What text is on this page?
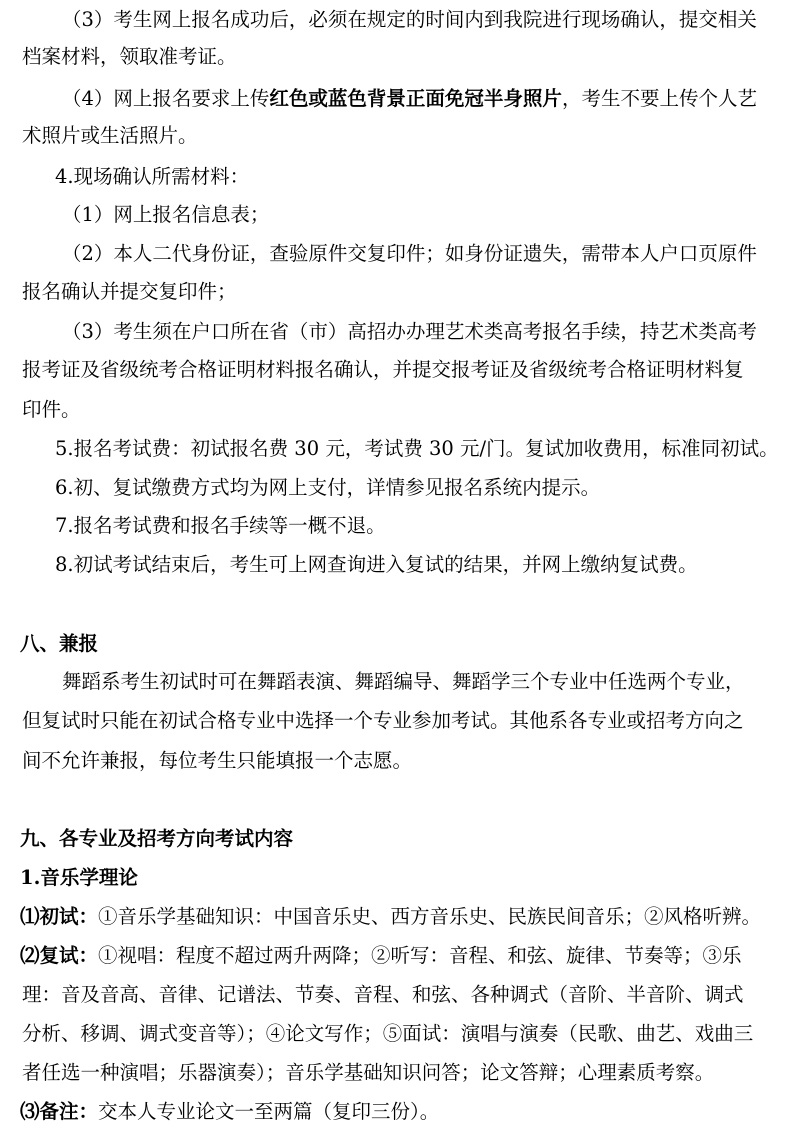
（3）考生网上报名成功后，必须在规定的时间内到我院进行现场确认，提交相关
档案材料，领取准考证。
（4）网上报名要求上传红色或蓝色背景正面免冠半身照片，考生不要上传个人艺
术照片或生活照片。
4.现场确认所需材料：
（1）网上报名信息表；
（2）本人二代身份证，查验原件交复印件；如身份证遗失，需带本人户口页原件
报名确认并提交复印件；
（3）考生须在户口所在省（市）高招办办理艺术类高考报名手续，持艺术类高考
报考证及省级统考合格证明材料报名确认，并提交报考证及省级统考合格证明材料复
印件。
5.报名考试费：初试报名费 30 元，考试费 30 元/门。复试加收费用，标准同初试。
6.初、复试缴费方式均为网上支付，详情参见报名系统内提示。
7.报名考试费和报名手续等一概不退。
8.初试考试结束后，考生可上网查询进入复试的结果，并网上缴纳复试费。
八、兼报
舞蹈系考生初试时可在舞蹈表演、舞蹈编导、舞蹈学三个专业中任选两个专业，
但复试时只能在初试合格专业中选择一个专业参加考试。其他系各专业或招考方向之
间不允许兼报，每位考生只能填报一个志愿。
九、各专业及招考方向考试内容
1.音乐学理论
⑴初试：①音乐学基础知识：中国音乐史、西方音乐史、民族民间音乐；②风格听辨。
⑵复试：①视唱：程度不超过两升两降；②听写：音程、和弦、旋律、节奏等；③乐
理：音及音高、音律、记谱法、节奏、音程、和弦、各种调式（音阶、半音阶、调式
分析、移调、调式变音等）；④论文写作；⑤面试：演唱与演奏（民歌、曲艺、戏曲三
者任选一种演唱；乐器演奏）；音乐学基础知识问答；论文答辩；心理素质考察。
⑶备注：交本人专业论文一至两篇（复印三份）。
